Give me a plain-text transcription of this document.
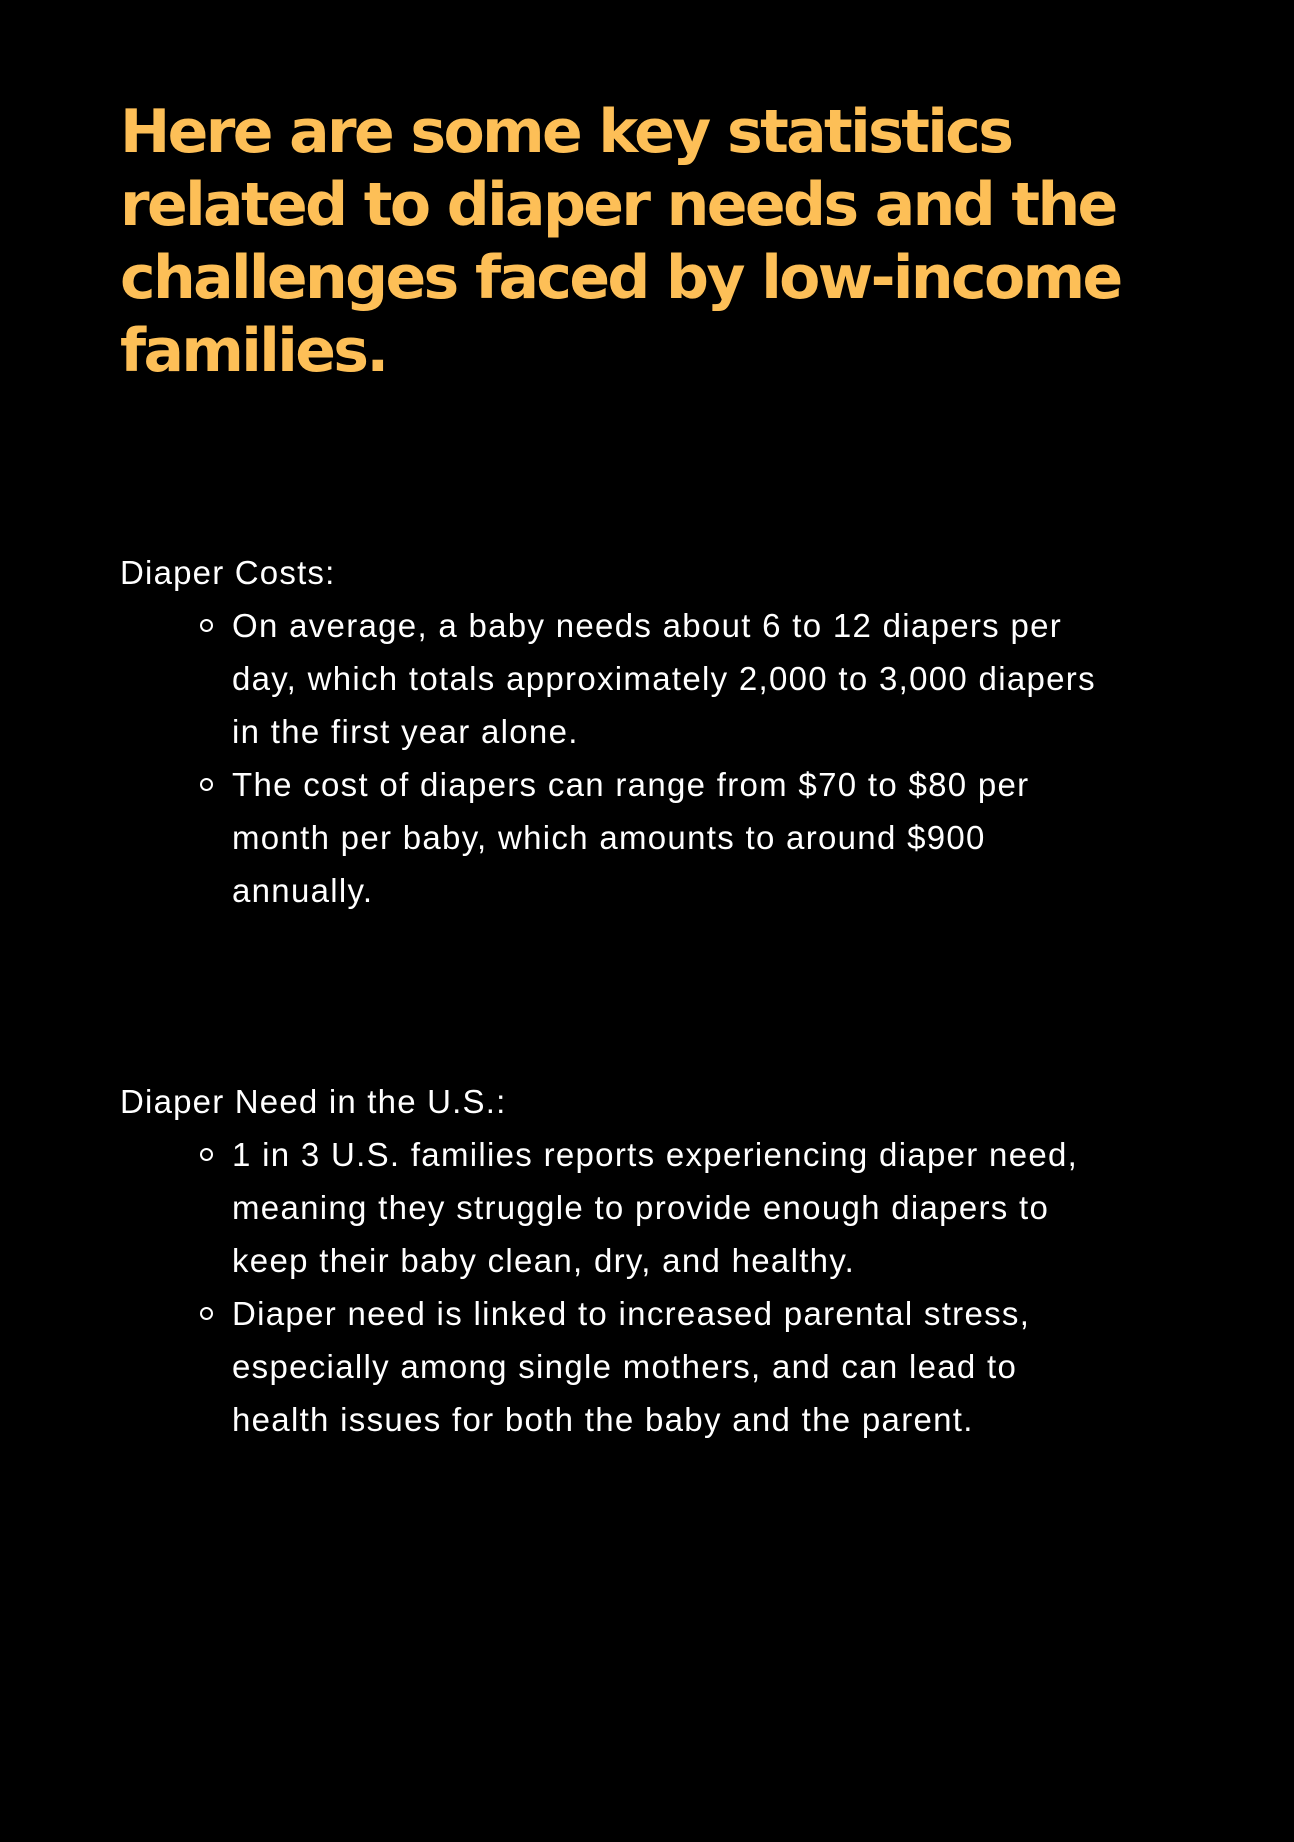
Here are some key statistics related to diaper needs and the challenges faced by low-income families.
Diaper Costs:
On average, a baby needs about 6 to 12 diapers per day, which totals approximately 2,000 to 3,000 diapers in the first year alone.
The cost of diapers can range from $70 to $80 per month per baby, which amounts to around $900 annually.
Diaper Need in the U.S.:
1 in 3 U.S. families reports experiencing diaper need, meaning they struggle to provide enough diapers to keep their baby clean, dry, and healthy.
Diaper need is linked to increased parental stress, especially among single mothers, and can lead to health issues for both the baby and the parent.
